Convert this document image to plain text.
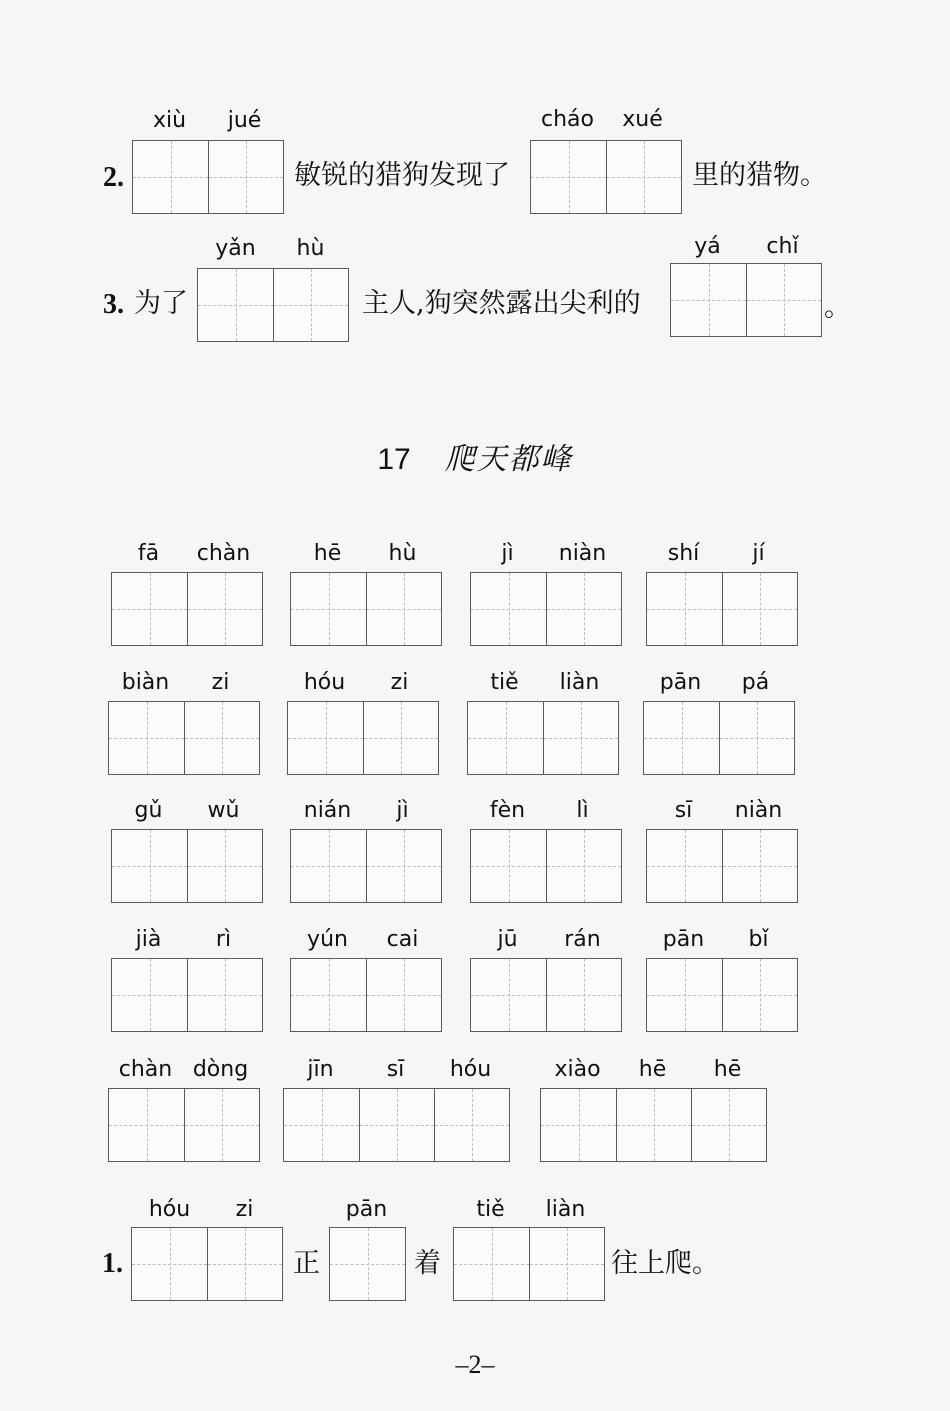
2.
xiù	jué
敏锐的猎狗发现了
cháo	xué
里的猎物。
3. 为了
yǎn	hù
主人,狗突然露出尖利的
yá	chǐ
。
17 爬天都峰
fā	chàn	hē	hù	jì	niàn	shí	jí
biàn	zi	hóu	zi	tiě	liàn	pān	pá
gǔ	wǔ	nián	jì	fèn	lì	sī	niàn
jià	rì	yún	cai	jū	rán	pān	bǐ
chàn dòng	jīn	sī	hóu	xiào	hē	hē
1.
hóu	zi
正
pān
着
tiě	liàn
往上爬。
–2–
